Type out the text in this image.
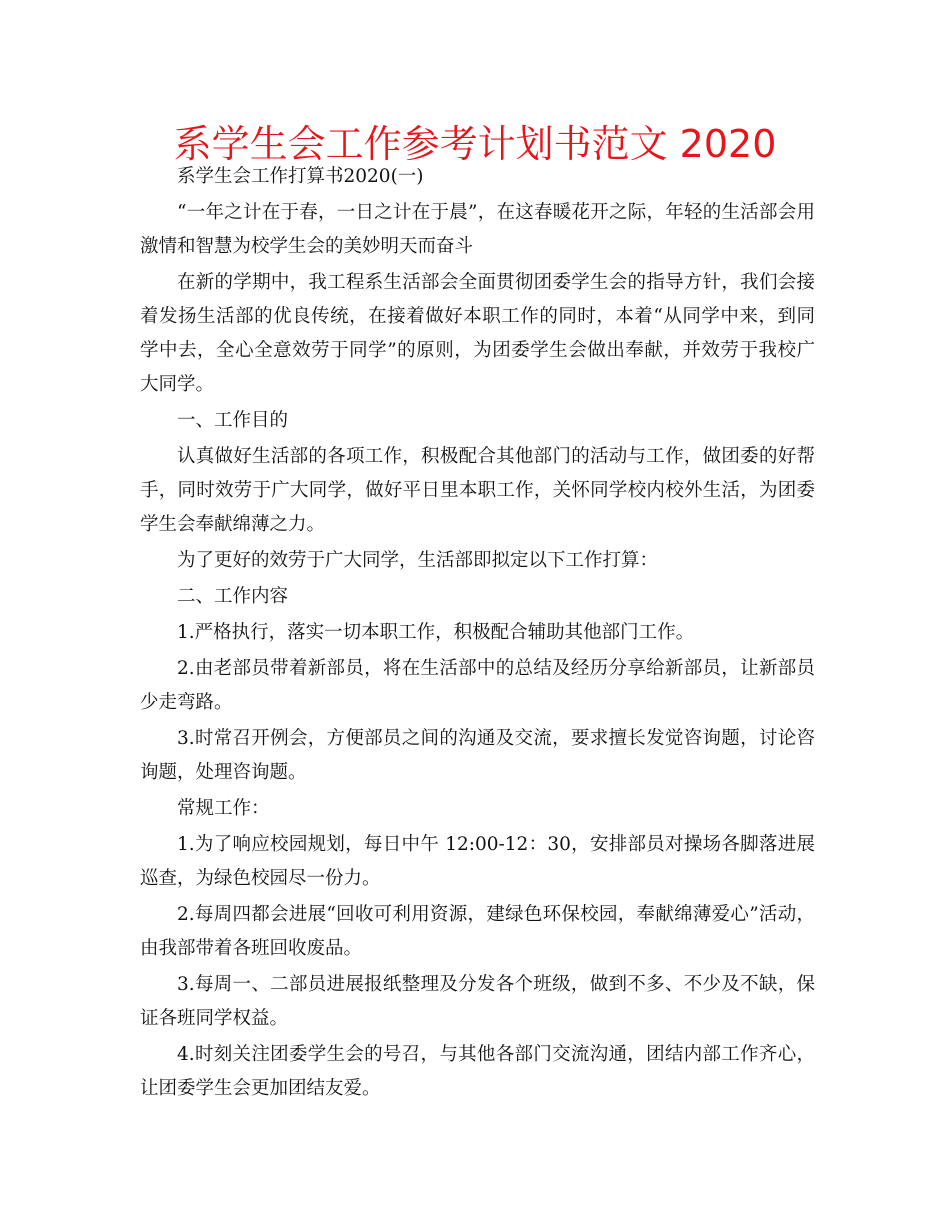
系学生会工作参考计划书范文 2020

系学生会工作打算书2020(一)

“一年之计在于春，一日之计在于晨”，在这春暖花开之际，年轻的生活部会用激情和智慧为校学生会的美妙明天而奋斗

在新的学期中，我工程系生活部会全面贯彻团委学生会的指导方针，我们会接着发扬生活部的优良传统，在接着做好本职工作的同时，本着“从同学中来，到同学中去，全心全意效劳于同学”的原则，为团委学生会做出奉献，并效劳于我校广大同学。

一、工作目的

认真做好生活部的各项工作，积极配合其他部门的活动与工作，做团委的好帮手，同时效劳于广大同学，做好平日里本职工作，关怀同学校内校外生活，为团委学生会奉献绵薄之力。

为了更好的效劳于广大同学，生活部即拟定以下工作打算：

二、工作内容

1.严格执行，落实一切本职工作，积极配合辅助其他部门工作。

2.由老部员带着新部员，将在生活部中的总结及经历分享给新部员，让新部员少走弯路。

3.时常召开例会，方便部员之间的沟通及交流，要求擅长发觉咨询题，讨论咨询题，处理咨询题。

常规工作：

1.为了响应校园规划，每日中午 12:00-12：30，安排部员对操场各脚落进展巡查，为绿色校园尽一份力。

2.每周四都会进展“回收可利用资源，建绿色环保校园，奉献绵薄爱心”活动，由我部带着各班回收废品。

3.每周一、二部员进展报纸整理及分发各个班级，做到不多、不少及不缺，保证各班同学权益。

4.时刻关注团委学生会的号召，与其他各部门交流沟通，团结内部工作齐心，让团委学生会更加团结友爱。
